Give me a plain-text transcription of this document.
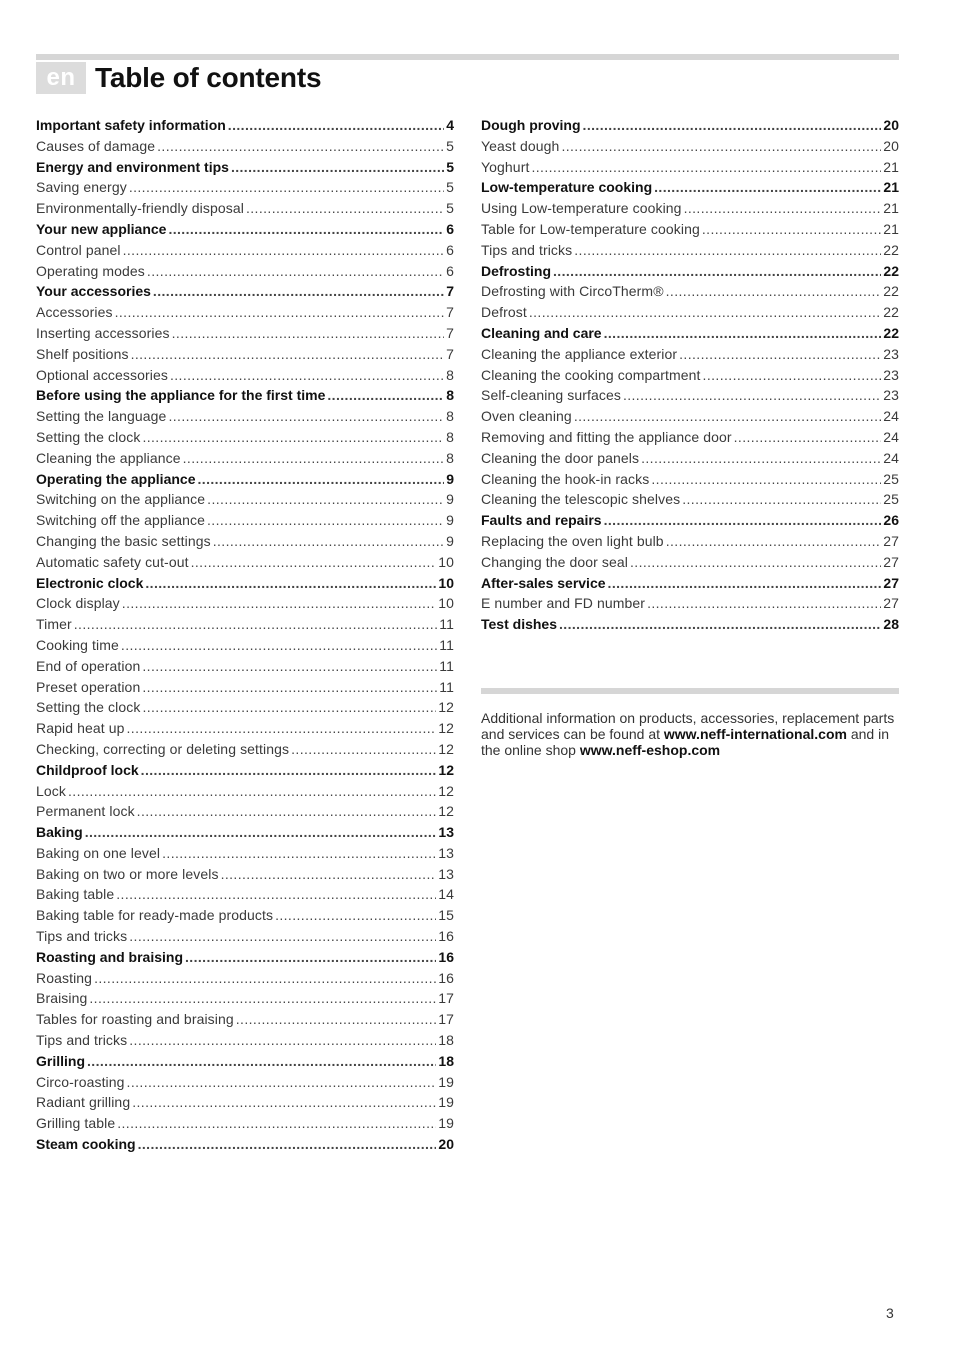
en Table of contents
Important safety information .....	4
Causes of damage .....	5
Energy and environment tips .....	5
Saving energy .....	5
Environmentally-friendly disposal .....	5
Your new appliance .....	6
Control panel .....	6
Operating modes .....	6
Your accessories .....	7
Accessories .....	7
Inserting accessories .....	7
Shelf positions .....	7
Optional accessories .....	8
Before using the appliance for the first time .....	8
Setting the language .....	8
Setting the clock .....	8
Cleaning the appliance .....	8
Operating the appliance .....	9
Switching on the appliance .....	9
Switching off the appliance .....	9
Changing the basic settings .....	9
Automatic safety cut-out .....	10
Electronic clock .....	10
Clock display .....	10
Timer .....	11
Cooking time .....	11
End of operation .....	11
Preset operation .....	11
Setting the clock .....	12
Rapid heat up .....	12
Checking, correcting or deleting settings .....	12
Childproof lock .....	12
Lock .....	12
Permanent lock .....	12
Baking .....	13
Baking on one level .....	13
Baking on two or more levels .....	13
Baking table .....	14
Baking table for ready-made products .....	15
Tips and tricks .....	16
Roasting and braising .....	16
Roasting .....	16
Braising .....	17
Tables for roasting and braising .....	17
Tips and tricks .....	18
Grilling .....	18
Circo-roasting .....	19
Radiant grilling .....	19
Grilling table .....	19
Steam cooking .....	20
Dough proving .....	20
Yeast dough .....	20
Yoghurt .....	21
Low-temperature cooking .....	21
Using Low-temperature cooking .....	21
Table for Low-temperature cooking .....	21
Tips and tricks .....	22
Defrosting .....	22
Defrosting with CircoTherm® .....	22
Defrost .....	22
Cleaning and care .....	22
Cleaning the appliance exterior .....	23
Cleaning the cooking compartment .....	23
Self-cleaning surfaces .....	23
Oven cleaning .....	24
Removing and fitting the appliance door .....	24
Cleaning the door panels .....	24
Cleaning the hook-in racks .....	25
Cleaning the telescopic shelves .....	25
Faults and repairs .....	26
Replacing the oven light bulb .....	27
Changing the door seal .....	27
After-sales service .....	27
E number and FD number .....	27
Test dishes .....	28
Additional information on products, accessories, replacement parts and services can be found at www.neff-international.com and in the online shop www.neff-eshop.com
3
